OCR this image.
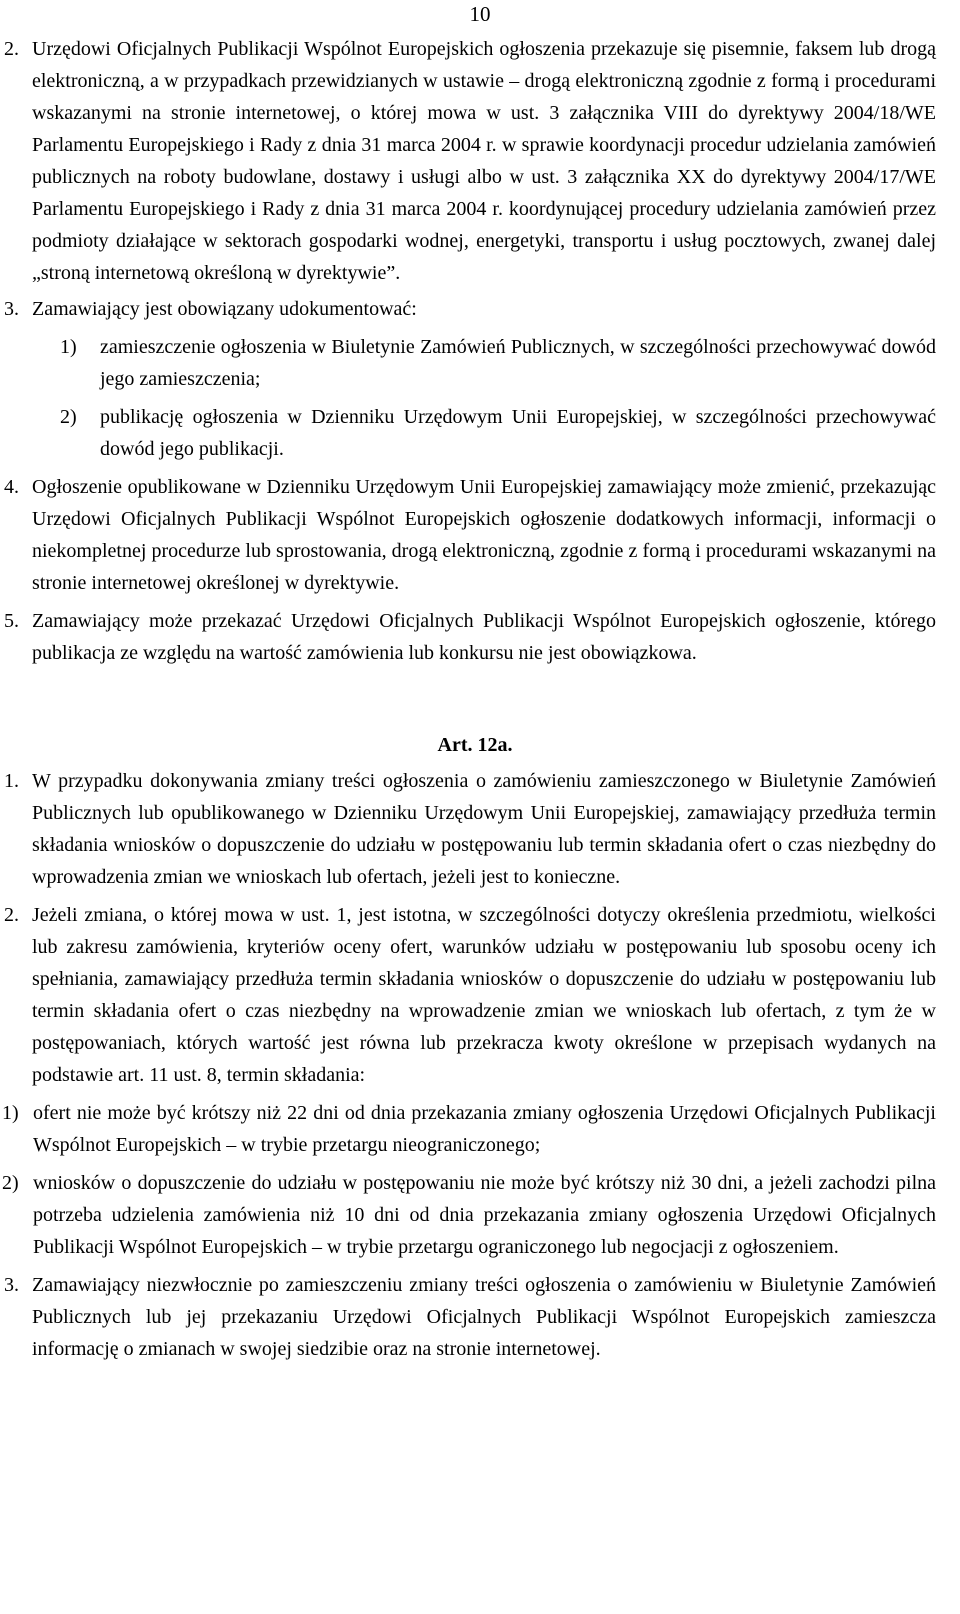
10
2. Urzędowi Oficjalnych Publikacji Wspólnot Europejskich ogłoszenia przekazuje się pisemnie, faksem lub drogą elektroniczną, a w przypadkach przewidzianych w ustawie – drogą elektroniczną zgodnie z formą i procedurami wskazanymi na stronie internetowej, o której mowa w ust. 3 załącznika VIII do dyrektywy 2004/18/WE Parlamentu Europejskiego i Rady z dnia 31 marca 2004 r. w sprawie koordynacji procedur udzielania zamówień publicznych na roboty budowlane, dostawy i usługi albo w ust. 3 załącznika XX do dyrektywy 2004/17/WE Parlamentu Europejskiego i Rady z dnia 31 marca 2004 r. koordynującej procedury udzielania zamówień przez podmioty działające w sektorach gospodarki wodnej, energetyki, transportu i usług pocztowych, zwanej dalej „stroną internetową określoną w dyrektywie”.
3. Zamawiający jest obowiązany udokumentować:
1)	zamieszczenie ogłoszenia w Biuletynie Zamówień Publicznych, w szczególności przechowywać dowód jego zamieszczenia;
2)	publikację ogłoszenia w Dzienniku Urzędowym Unii Europejskiej, w szczególności przechowywać dowód jego publikacji.
4. Ogłoszenie opublikowane w Dzienniku Urzędowym Unii Europejskiej zamawiający może zmienić, przekazując Urzędowi Oficjalnych Publikacji Wspólnot Europejskich ogłoszenie dodatkowych informacji, informacji o niekompletnej procedurze lub sprostowania, drogą elektroniczną, zgodnie z formą i procedurami wskazanymi na stronie internetowej określonej w dyrektywie.
5. Zamawiający może przekazać Urzędowi Oficjalnych Publikacji Wspólnot Europejskich ogłoszenie, którego publikacja ze względu na wartość zamówienia lub konkursu nie jest obowiązkowa.
Art. 12a.
1. W przypadku dokonywania zmiany treści ogłoszenia o zamówieniu zamieszczonego w Biuletynie Zamówień Publicznych lub opublikowanego w Dzienniku Urzędowym Unii Europejskiej, zamawiający przedłuża termin składania wniosków o dopuszczenie do udziału w postępowaniu lub termin składania ofert o czas niezbędny do wprowadzenia zmian we wnioskach lub ofertach, jeżeli jest to konieczne.
2. Jeżeli zmiana, o której mowa w ust. 1, jest istotna, w szczególności dotyczy określenia przedmiotu, wielkości lub zakresu zamówienia, kryteriów oceny ofert, warunków udziału w postępowaniu lub sposobu oceny ich spełniania, zamawiający przedłuża termin składania wniosków o dopuszczenie do udziału w postępowaniu lub termin składania ofert o czas niezbędny na wprowadzenie zmian we wnioskach lub ofertach, z tym że w postępowaniach, których wartość jest równa lub przekracza kwoty określone w przepisach wydanych na podstawie art. 11 ust. 8, termin składania:
1) ofert nie może być krótszy niż 22 dni od dnia przekazania zmiany ogłoszenia Urzędowi Oficjalnych Publikacji Wspólnot Europejskich – w trybie przetargu nieograniczonego;
2) wniosków o dopuszczenie do udziału w postępowaniu nie może być krótszy niż 30 dni, a jeżeli zachodzi pilna potrzeba udzielenia zamówienia niż 10 dni od dnia przekazania zmiany ogłoszenia Urzędowi Oficjalnych Publikacji Wspólnot Europejskich – w trybie przetargu ograniczonego lub negocjacji z ogłoszeniem.
3. Zamawiający niezwłocznie po zamieszczeniu zmiany treści ogłoszenia o zamówieniu w Biuletynie Zamówień Publicznych lub jej przekazaniu Urzędowi Oficjalnych Publikacji Wspólnot Europejskich zamieszcza informację o zmianach w swojej siedzibie oraz na stronie internetowej.
